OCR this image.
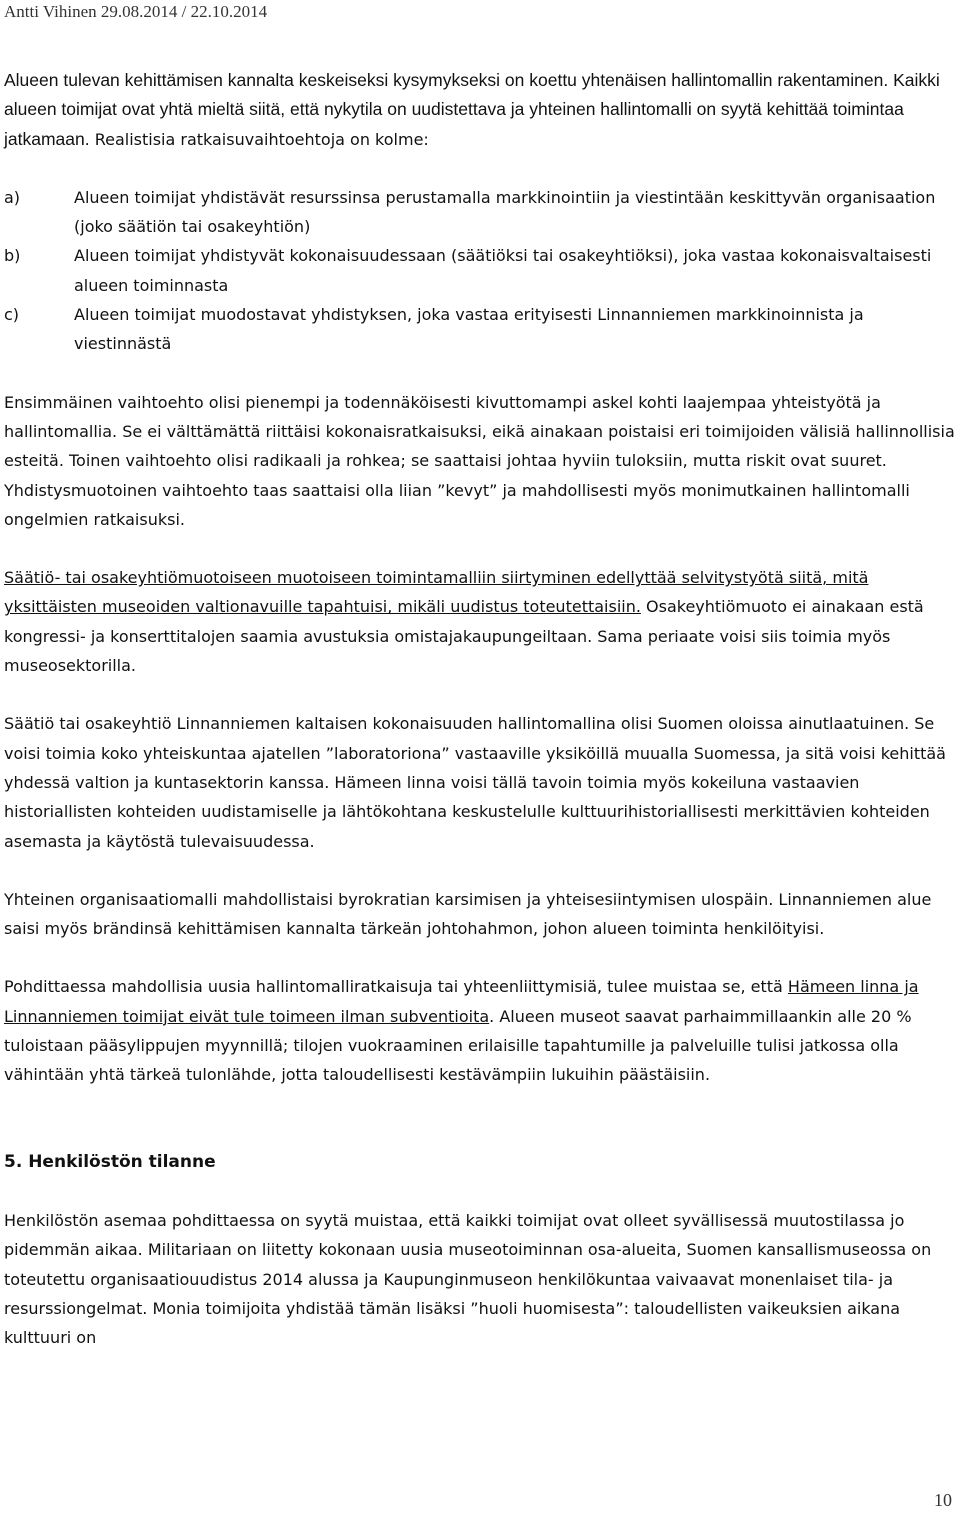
Antti Vihinen 29.08.2014 / 22.10.2014

Alueen tulevan kehittämisen kannalta keskeiseksi kysymykseksi on koettu yhtenäisen hallintomallin rakentaminen. Kaikki alueen toimijat ovat yhtä mieltä siitä, että nykytila on uudistettava ja yhteinen hallintomalli on syytä kehittää toimintaa jatkamaan. Realistisia ratkaisuvaihtoehtoja on kolme:

a)	Alueen toimijat yhdistävät resurssinsa perustamalla markkinointiin ja viestintään keskittyvän organisaation (joko säätiön tai osakeyhtiön)
b)	Alueen toimijat yhdistyvät kokonaisuudessaan (säätiöksi tai osakeyhtiöksi), joka vastaa kokonaisvaltaisesti alueen toiminnasta
c)	Alueen toimijat muodostavat yhdistyksen, joka vastaa erityisesti Linnanniemen markkinoinnista ja viestinnästä

Ensimmäinen vaihtoehto olisi pienempi ja todennäköisesti kivuttomampi askel kohti laajempaa yhteistyötä ja hallintomallia. Se ei välttämättä riittäisi kokonaisratkaisuksi, eikä ainakaan poistaisi eri toimijoiden välisiä hallinnollisia esteitä. Toinen vaihtoehto olisi radikaali ja rohkea; se saattaisi johtaa hyviin tuloksiin, mutta riskit ovat suuret. Yhdistysmuotoinen vaihtoehto taas saattaisi olla liian ”kevyt” ja mahdollisesti myös monimutkainen hallintomalli ongelmien ratkaisuksi.

Säätiö- tai osakeyhtiömuotoiseen muotoiseen toimintamalliin siirtyminen edellyttää selvitystyötä siitä, mitä yksittäisten museoiden valtionavuille tapahtuisi, mikäli uudistus toteutettaisiin. Osakeyhtiömuoto ei ainakaan estä kongressi- ja konserttitalojen saamia avustuksia omistajakaupungeiltaan. Sama periaate voisi siis toimia myös museosektorilla.

Säätiö tai osakeyhtiö Linnanniemen kaltaisen kokonaisuuden hallintomallina olisi Suomen oloissa ainutlaatuinen. Se voisi toimia koko yhteiskuntaa ajatellen ”laboratoriona” vastaaville yksiköillä muualla Suomessa, ja sitä voisi kehittää yhdessä valtion ja kuntasektorin kanssa. Hämeen linna voisi tällä tavoin toimia myös kokeiluna vastaavien historiallisten kohteiden uudistamiselle ja lähtökohtana keskustelulle kulttuurihistoriallisesti merkittävien kohteiden asemasta ja käytöstä tulevaisuudessa.

Yhteinen organisaatiomalli mahdollistaisi byrokratian karsimisen ja yhteisesiintymisen ulospäin. Linnanniemen alue saisi myös brändinsä kehittämisen kannalta tärkeän johtohahmon, johon alueen toiminta henkilöityisi.

Pohdittaessa mahdollisia uusia hallintomalliratkaisuja tai yhteenliittymisiä, tulee muistaa se, että Hämeen linna ja Linnanniemen toimijat eivät tule toimeen ilman subventioita. Alueen museot saavat parhaimmillaankin alle 20 % tuloistaan pääsylippujen myynnillä; tilojen vuokraaminen erilaisille tapahtumille ja palveluille tulisi jatkossa olla vähintään yhtä tärkeä tulonlähde, jotta taloudellisesti kestävämpiin lukuihin päästäisiin.

5. Henkilöstön tilanne

Henkilöstön asemaa pohdittaessa on syytä muistaa, että kaikki toimijat ovat olleet syvällisessä muutostilassa jo pidemmän aikaa. Militariaan on liitetty kokonaan uusia museotoiminnan osa-alueita, Suomen kansallismuseossa on toteutettu organisaatiouudistus 2014 alussa ja Kaupunginmuseon henkilökuntaa vaivaavat monenlaiset tila- ja resurssiongelmat. Monia toimijoita yhdistää tämän lisäksi ”huoli huomisesta”: taloudellisten vaikeuksien aikana kulttuuri on

10
